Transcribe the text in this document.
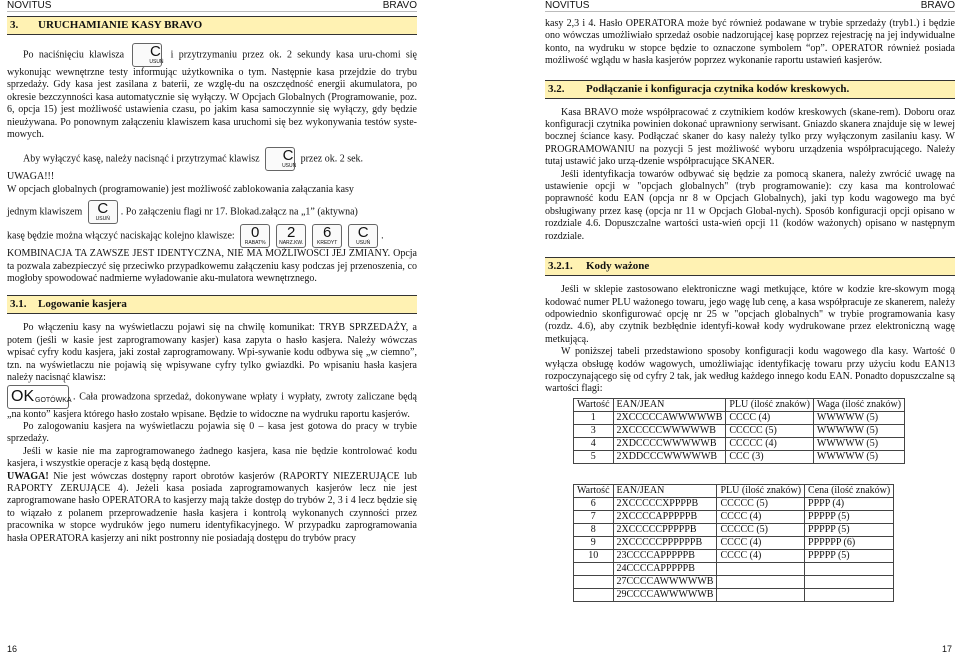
NOVITUS	BRAVO
3. URUCHAMIANIE KASY BRAVO

Po naciśnięciu klawisza	C
USUŃ
i przytrzymaniu przez ok. 2 sekundy kasa uru-chomi się wykonując wewnętrzne testy informując użytkownika o tym. Następnie kasa przejdzie do trybu sprzedaży. Gdy kasa jest zasilana z baterii, ze wzglę-du na oszczędność energii akumulatora, po okresie bezczynności kasa automatycznie się wyłączy. W Opcjach Globalnych (Programowanie, poz. 6, opcja 15) jest możliwość ustawienia czasu, po jakim kasa samoczynnie się wyłączy, gdy będzie nieużywana. Po ponownym załączeniu klawiszem kasa uruchomi się bez wykonywania testów syste-mowych.

Aby wyłączyć kasę, należy nacisnąć i przytrzymać klawisz	C
USUŃ
przez ok. 2 sek.

UWAGA!!!

W opcjach globalnych (programowanie) jest możliwość zablokowania załączania kasy

jednym klawiszem	C
USUŃ
. Po załączeniu flagi nr 17. Blokad.załącz na „1” (aktywna)

kasę będzie można włączyć naciskając kolejno klawisze:	0
RABAT%
2
NARZ.KW.
6
KREDYT
C
USUŃ
.

KOMBINACJA TA ZAWSZE JEST IDENTYCZNA, NIE MA MOŻLIWOŚCI JEJ ZMIANY. Opcja ta pozwala zabezpieczyć się przeciwko przypadkowemu załączeniu kasy podczas jej przenoszenia, co mogłoby spowodować nadmierne wyładowanie aku-mulatora wewnętrznego.

3.1. Logowanie kasjera

Po włączeniu kasy na wyświetlaczu pojawi się na chwilę komunikat: TRYB SPRZEDAŻY, a potem (jeśli w kasie jest zaprogramowany kasjer) kasa zapyta o hasło kasjera. Należy wówczas wpisać cyfry kodu kasjera, jaki został zaprogramowany. Wpi-sywanie kodu odbywa się „w ciemno”, tzn. na wyświetlaczu nie pojawią się wpisywane cyfry tylko gwiazdki. Po wpisaniu hasła kasjera należy nacisnąć klawisz:

OK GOTÓWKA . Cała prowadzona sprzedaż, dokonywane wpłaty i wypłaty, zwroty zaliczane będą „na konto” kasjera którego hasło zostało wpisane. Będzie to widoczne na wydruku raportu kasjerów.

Po zalogowaniu kasjera na wyświetlaczu pojawia się 0 – kasa jest gotowa do pracy w trybie sprzedaży.

Jeśli w kasie nie ma zaprogramowanego żadnego kasjera, kasa nie będzie kontrolować kodu kasjera, i wszystkie operacje z kasą będą dostępne.

UWAGA! Nie jest wówczas dostępny raport obrotów kasjerów (RAPORTY NIEZERUJĄCE lub RAPORTY ZERUJĄCE 4). Jeżeli kasa posiada zaprogramowanych kasjerów lecz nie jest zaprogramowane hasło OPERATORA to kasjerzy mają także dostęp do trybów 2, 3 i 4 lecz będzie się to wiązało z polanem przeprowadzenie hasła kasjera i kontrolą wykonanych czynności przez pracownika w stopce wydruków jego numeru identyfikacyjnego. W przypadku zaprogramowania hasła OPERATORA kasjerzy ani nikt postronny nie posiadają dostępu do trybów pracy

NOVITUS	BRAVO

kasy 2,3 i 4. Hasło OPERATORA może być również podawane w trybie sprzedaży (tryb1.) i będzie ono wówczas umożliwiało sprzedaż osobie nadzorującej kasę poprzez rejestrację na jej indywidualne konto, na wydruku w stopce będzie to oznaczone symbolem “op”. OPERATOR również posiada możliwość wglądu w hasła kasjerów poprzez wykonanie raportu ustawień kasjerów.

3.2. Podłączanie i konfiguracja czytnika kodów kreskowych.

Kasa BRAVO może współpracować z czytnikiem kodów kreskowych (skane-rem). Doboru oraz konfiguracji czytnika powinien dokonać uprawniony serwisant. Gniazdo skanera znajduje się w lewej bocznej ściance kasy. Podłączać skaner do kasy należy tylko przy wyłączonym zasilaniu kasy. W PROGRAMOWANIU na pozycji 5 jest możliwość wyboru urządzenia współpracującego. Należy tutaj ustawić jako urzą-dzenie współpracujące SKANER.

Jeśli identyfikacja towarów odbywać się będzie za pomocą skanera, należy zwrócić uwagę na ustawienie opcji w "opcjach globalnych" (tryb programowanie): czy kasa ma kontrolować poprawność kodu EAN (opcja nr 8 w Opcjach Globalnych), jaki typ kodu wagowego ma być obsługiwany przez kasę (opcja nr 11 w Opcjach Global-nych). Sposób konfiguracji opcji opisano w rozdziale 4.6. Dopuszczalne wartości usta-wień opcji 11 (kodów ważonych) opisano w następnym rozdziale.

3.2.1. Kody ważone

Jeśli w sklepie zastosowano elektroniczne wagi metkujące, które w kodzie kre-skowym mogą kodować numer PLU ważonego towaru, jego wagę lub cenę, a kasa współpracuje ze skanerem, należy odpowiednio skonfigurować opcję nr 25 w "opcjach globalnych" w trybie programowania kasy (rozdz. 4.6), aby czytnik bezbłędnie identyfi-kował kody wydrukowane przez elektroniczną wagę metkującą.

W poniższej tabeli przedstawiono sposoby konfiguracji kodu wagowego dla kasy. Wartość 0 wyłącza obsługę kodów wagowych, umożliwiając identyfikację towaru przy użyciu kodu EAN13 rozpoczynającego się od cyfry 2 tak, jak według każdego innego kodu EAN. Ponadto dopuszczalne są wartości flagi:

Wartość	EAN/JEAN	PLU (ilość znaków)	Waga (ilość znaków)
1	2XCCCCCAWWWWWB	CCCC (4)	WWWWW (5)
3	2XCCCCCWWWWWB	CCCCC (5)	WWWWW (5)
4	2XDCCCCWWWWWB	CCCCC (4)	WWWWW (5)
5	2XDDCCCWWWWWB	CCC (3)	WWWWW (5)
Wartość	EAN/JEAN	PLU (ilość znaków)	Cena (ilość znaków)
6	2XCCCCCXPPPPB	CCCCC (5)	PPPP (4)
7	2XCCCCAPPPPPB	CCCC (4)	PPPPP (5)
8	2XCCCCCPPPPPB	CCCCC (5)	PPPPP (5)
9	2XCCCCCPPPPPPB	CCCC (4)	PPPPPP (6)
10	23CCCCAPPPPPB	CCCC (4)	PPPPP (5)
	24CCCCAPPPPPB		
	27CCCCAWWWWWB		
	29CCCCAWWWWWB		
16	17
